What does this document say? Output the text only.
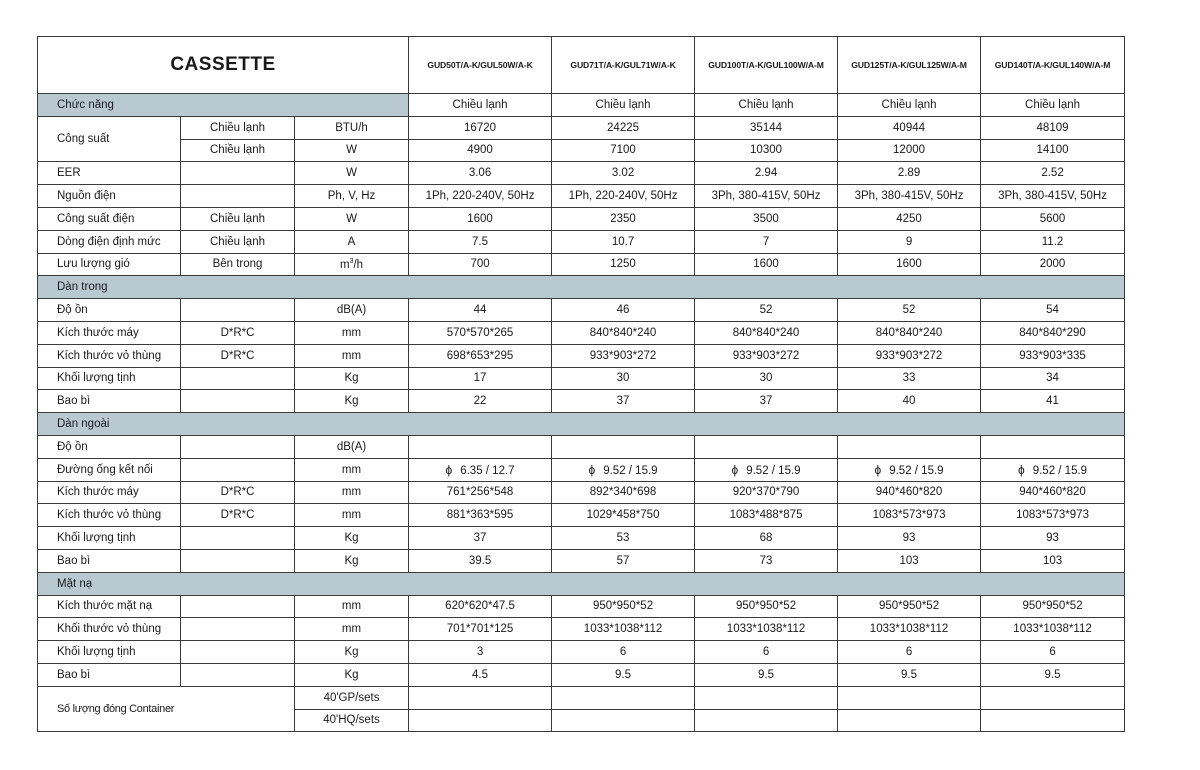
CASSETTE			GUD50T/A-K/GUL50W/A-K	GUD71T/A-K/GUL71W/A-K	GUD100T/A-K/GUL100W/A-M	GUD125T/A-K/GUL125W/A-M	GUD140T/A-K/GUL140W/A-M
Chức năng			Chiều lạnh	Chiều lạnh	Chiều lạnh	Chiều lạnh	Chiều lạnh
Công suất	Chiều lạnh	BTU/h	16720	24225	35144	40944	48109
	Chiều lạnh	W	4900	7100	10300	12000	14100
EER		W	3.06	3.02	2.94	2.89	2.52
Nguồn điện		Ph, V, Hz	1Ph, 220-240V, 50Hz	1Ph, 220-240V, 50Hz	3Ph, 380-415V, 50Hz	3Ph, 380-415V, 50Hz	3Ph, 380-415V, 50Hz
Công suất điện	Chiều lạnh	W	1600	2350	3500	4250	5600
Dòng điện định mức	Chiều lạnh	A	7.5	10.7	7	9	11.2
Lưu lượng gió	Bên trong	$m^3/h$	700	1250	1600	1600	2000
Dàn trong							
Độ ồn		dB(A)	44	46	52	52	54
Kích thước máy	D*R*C	mm	570*570*265	840*840*240	840*840*240	840*840*240	840*840*290
Kích thước vỏ thùng	D*R*C	mm	698*653*295	933*903*272	933*903*272	933*903*272	933*903*335
Khối lượng tịnh		Kg	17	30	30	33	34
Bao bì		Kg	22	37	37	40	41
Dàn ngoài							
Độ ồn		dB(A)					
Đường ống kết nối		mm	ϕ 6.35 / 12.7	ϕ 9.52 / 15.9	ϕ 9.52 / 15.9	ϕ 9.52 / 15.9	ϕ 9.52 / 15.9
Kích thước máy	D*R*C	mm	761*256*548	892*340*698	920*370*790	940*460*820	940*460*820
Kích thước vỏ thùng	D*R*C	mm	881*363*595	1029*458*750	1083*488*875	1083*573*973	1083*573*973
Khối lượng tịnh		Kg	37	53	68	93	93
Bao bì		Kg	39.5	57	73	103	103
Mặt nạ							
Kích thước mặt nạ		mm	620*620*47.5	950*950*52	950*950*52	950*950*52	950*950*52
Khối thước vỏ thùng		mm	701*701*125	1033*1038*112	1033*1038*112	1033*1038*112	1033*1038*112
Khối lượng tịnh		Kg	3	6	6	6	6
Bao bì		Kg	4.5	9.5	9.5	9.5	9.5
Số lượng đóng Container		40'GP/sets					
		40'HQ/sets					
